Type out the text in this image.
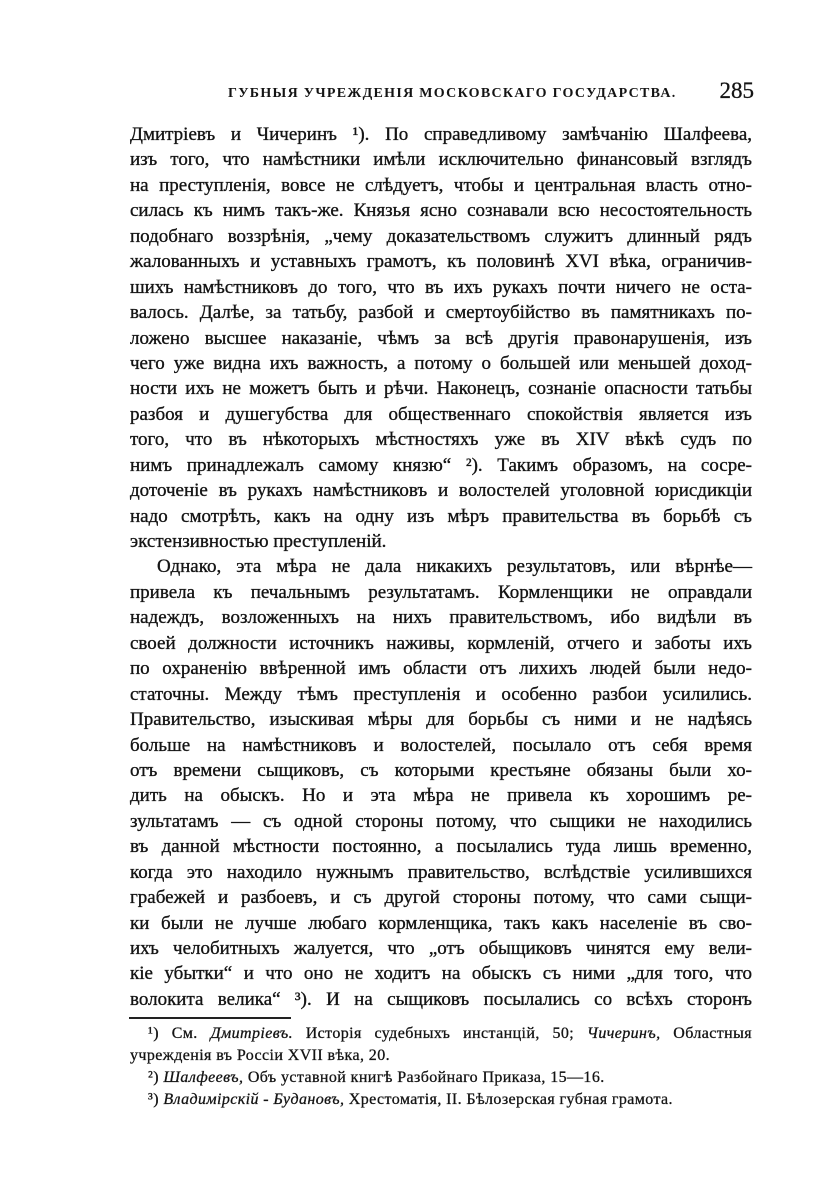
ГУБНЫЯ УЧРЕЖДЕНІЯ МОСКОВСКАГО ГОСУДАРСТВА.	285
Дмитріевъ и Чичеринъ ¹). По справедливому замѣчанію Шалфеева,
изъ того, что намѣстники имѣли исключительно финансовый взглядъ
на преступленія, вовсе не слѣдуетъ, чтобы и центральная власть отно-
силась къ нимъ такъ-же. Князья ясно сознавали всю несостоятельность
подобнаго воззрѣнія, „чему доказательствомъ служитъ длинный рядъ
жалованныхъ и уставныхъ грамотъ, къ половинѣ XVI вѣка, ограничив-
шихъ намѣстниковъ до того, что въ ихъ рукахъ почти ничего не оста-
валось. Далѣе, за татьбу, разбой и смертоубійство въ памятникахъ по-
ложено высшее наказаніе, чѣмъ за всѣ другія правонарушенія, изъ
чего уже видна ихъ важность, а потому о большей или меньшей доход-
ности ихъ не можетъ быть и рѣчи. Наконецъ, сознаніе опасности татьбы
разбоя и душегубства для общественнаго спокойствія является изъ
того, что въ нѣкоторыхъ мѣстностяхъ уже въ XIV вѣкѣ судъ по
нимъ принадлежалъ самому князю“ ²). Такимъ образомъ, на сосре-
доточеніе въ рукахъ намѣстниковъ и волостелей уголовной юрисдикціи
надо смотрѣть, какъ на одну изъ мѣръ правительства въ борьбѣ съ
экстензивностью преступленій.
Однако, эта мѣра не дала никакихъ результатовъ, или вѣрнѣе—
привела къ печальнымъ результатамъ. Кормленщики не оправдали
надеждъ, возложенныхъ на нихъ правительствомъ, ибо видѣли въ
своей должности источникъ наживы, кормленій, отчего и заботы ихъ
по охраненію ввѣренной имъ области отъ лихихъ людей были недо-
статочны. Между тѣмъ преступленія и особенно разбои усилились.
Правительство, изыскивая мѣры для борьбы съ ними и не надѣясь
больше на намѣстниковъ и волостелей, посылало отъ себя время
отъ времени сыщиковъ, съ которыми крестьяне обязаны были хо-
дить на обыскъ. Но и эта мѣра не привела къ хорошимъ ре-
зультатамъ — съ одной стороны потому, что сыщики не находились
въ данной мѣстности постоянно, а посылались туда лишь временно,
когда это находило нужнымъ правительство, вслѣдствіе усилившихся
грабежей и разбоевъ, и съ другой стороны потому, что сами сыщи-
ки были не лучше любаго кормленщика, такъ какъ населеніе въ сво-
ихъ челобитныхъ жалуется, что „отъ обыщиковъ чинятся ему вели-
кіе убытки“ и что оно не ходитъ на обыскъ съ ними „для того, что
волокита велика“ ³). И на сыщиковъ посылались со всѣхъ сторонъ
¹) См. Дмитріевъ. Исторія судебныхъ инстанцій, 50; Чичеринъ, Областныя
учрежденія въ Россіи XVII вѣка, 20.
²) Шалфеевъ, Объ уставной книгѣ Разбойнаго Приказа, 15—16.
³) Владимірскій - Будановъ, Хрестоматія, II. Бѣлозерская губная грамота.
